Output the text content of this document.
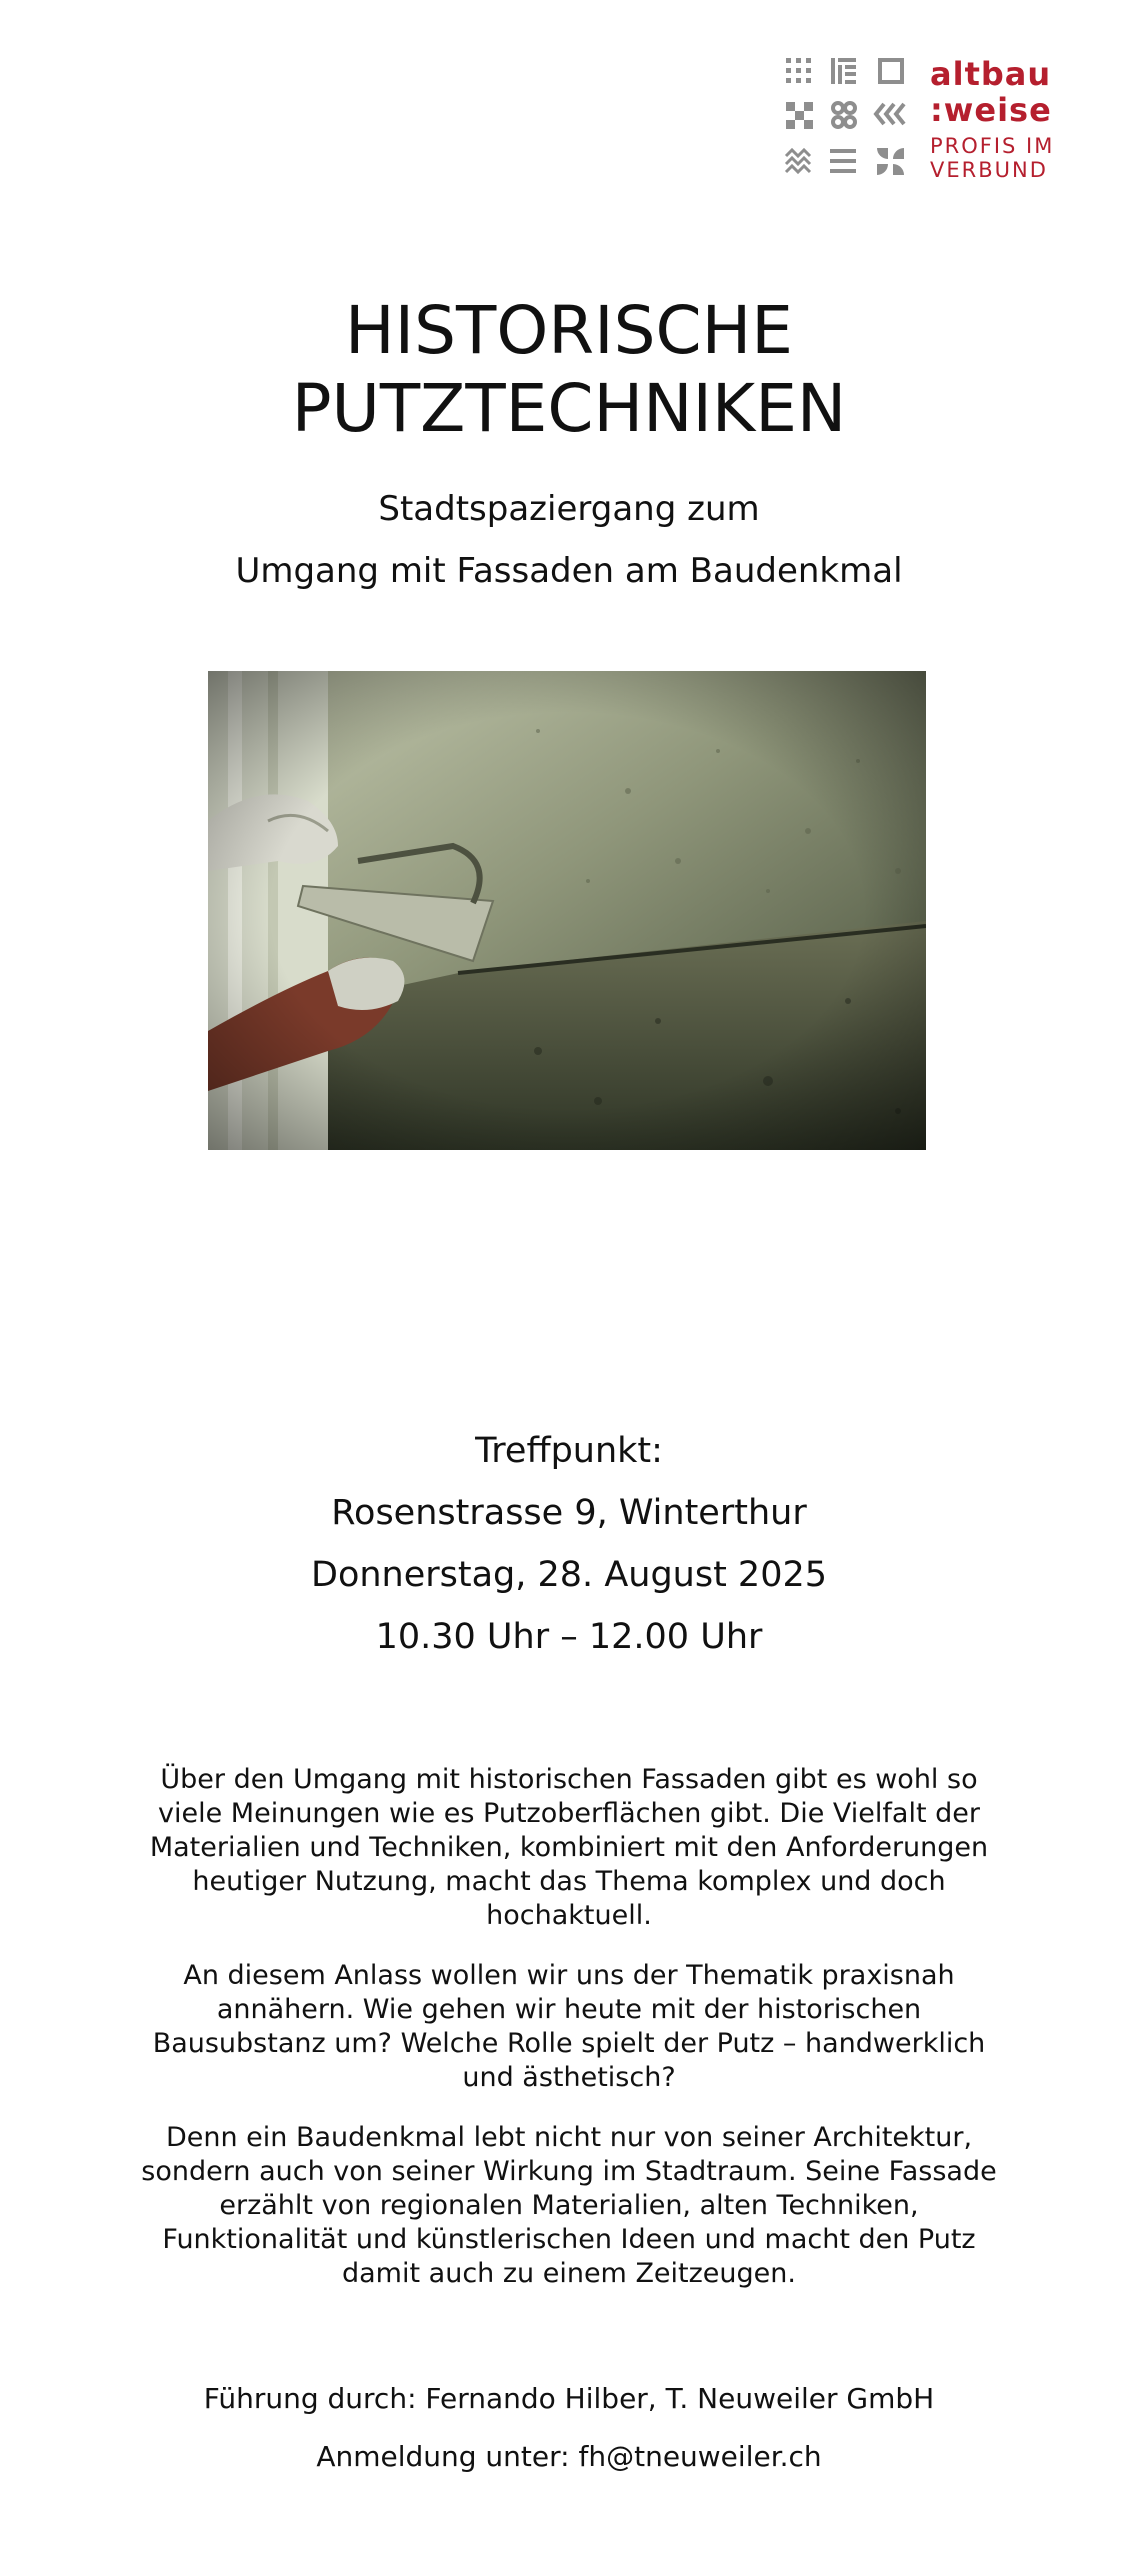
altbau
:weise
PROFIS IM
VERBUND
HISTORISCHE
PUTZTECHNIKEN
Stadtspaziergang zum
Umgang mit Fassaden am Baudenkmal
Treffpunkt:
Rosenstrasse 9, Winterthur
Donnerstag, 28. August 2025
10.30 Uhr – 12.00 Uhr

Über den Umgang mit historischen Fassaden gibt es wohl so viele Meinungen wie es Putzoberflächen gibt. Die Vielfalt der Materialien und Techniken, kombiniert mit den Anforderungen heutiger Nutzung, macht das Thema komplex und doch hochaktuell.

An diesem Anlass wollen wir uns der Thematik praxisnah annähern. Wie gehen wir heute mit der historischen Bausubstanz um? Welche Rolle spielt der Putz – handwerklich und ästhetisch?

Denn ein Baudenkmal lebt nicht nur von seiner Architektur, sondern auch von seiner Wirkung im Stadtraum. Seine Fassade erzählt von regionalen Materialien, alten Techniken, Funktionalität und künstlerischen Ideen und macht den Putz damit auch zu einem Zeitzeugen.

Führung durch: Fernando Hilber, T. Neuweiler GmbH
Anmeldung unter: fh@tneuweiler.ch
